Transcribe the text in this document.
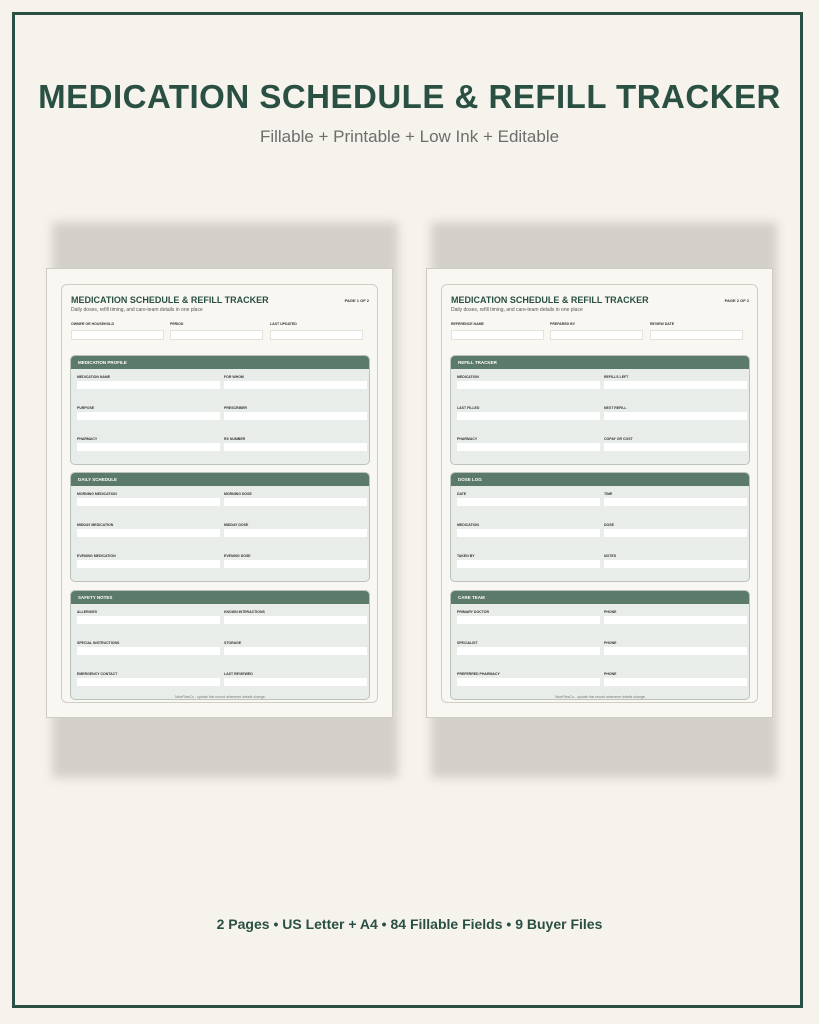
MEDICATION SCHEDULE & REFILL TRACKER
Fillable + Printable + Low Ink + Editable
MEDICATION SCHEDULE & REFILL TRACKER	PAGE 1 OF 2
Daily doses, refill timing, and care-team details in one place
OWNER OR HOUSEHOLD	PERIOD	LAST UPDATED
MEDICATION PROFILE
MEDICATION NAME	FOR WHOM
PURPOSE	PRESCRIBER
PHARMACY	RX NUMBER
DAILY SCHEDULE
MORNING MEDICATION	MORNING DOSE
MIDDAY MEDICATION	MIDDAY DOSE
EVENING MEDICATION	EVENING DOSE
SAFETY NOTES
ALLERGIES	KNOWN INTERACTIONS
SPECIAL INSTRUCTIONS	STORAGE
EMERGENCY CONTACT	LAST REVIEWED
NiceFilesCo - update this record whenever details change.
MEDICATION SCHEDULE & REFILL TRACKER	PAGE 2 OF 2
Daily doses, refill timing, and care-team details in one place
REFERENCE NAME	PREPARED BY	REVIEW DATE
REFILL TRACKER
MEDICATION	REFILLS LEFT
LAST FILLED	NEXT REFILL
PHARMACY	COPAY OR COST
DOSE LOG
DATE	TIME
MEDICATION	DOSE
TAKEN BY	NOTES
CARE TEAM
PRIMARY DOCTOR	PHONE
SPECIALIST	PHONE
PREFERRED PHARMACY	PHONE
NiceFilesCo - update this record whenever details change.
2 Pages • US Letter + A4 • 84 Fillable Fields • 9 Buyer Files
